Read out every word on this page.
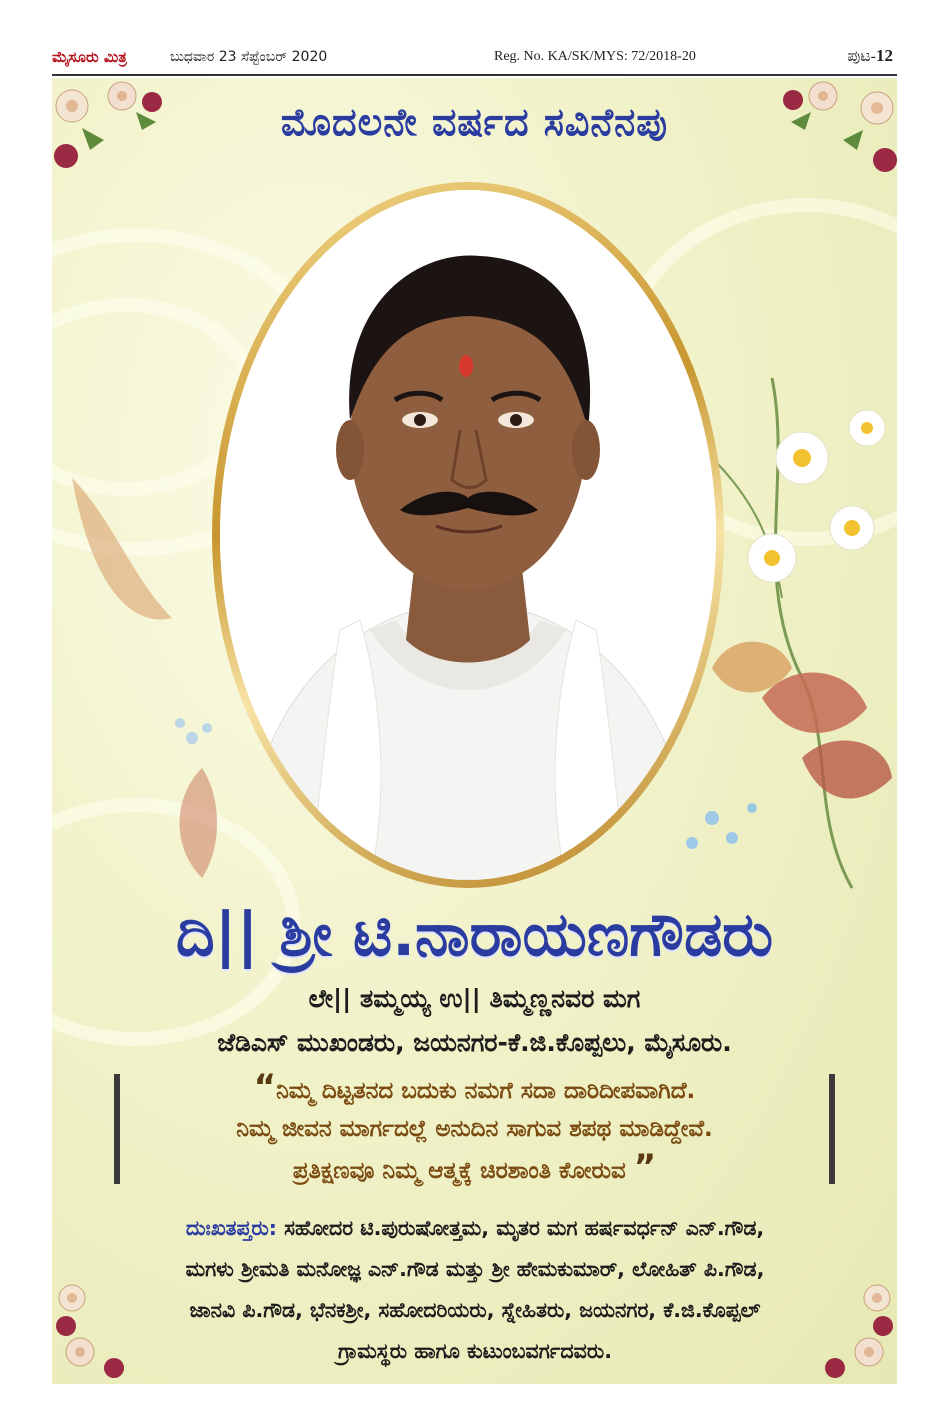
ಮೈಸೂರು ಮಿತ್ರ	ಬುಧವಾರ 23 ಸೆಪ್ಟೆಂಬರ್ 2020	Reg. No. KA/SK/MYS: 72/2018-20	ಪುಟ-12
ಮೊದಲನೇ ವರ್ಷದ ಸವಿನೆನಪು
ದಿ|| ಶ್ರೀ ಟಿ.ನಾರಾಯಣಗೌಡರು
ಲೇ|| ತಮ್ಮಯ್ಯ ಉ|| ತಿಮ್ಮಣ್ಣನವರ ಮಗ
ಜೆಡಿಎಸ್ ಮುಖಂಡರು, ಜಯನಗರ-ಕೆ.ಜಿ.ಕೊಪ್ಪಲು, ಮೈಸೂರು.
“ನಿಮ್ಮ ದಿಟ್ಟತನದ ಬದುಕು ನಮಗೆ ಸದಾ ದಾರಿದೀಪವಾಗಿದೆ.
ನಿಮ್ಮ ಜೀವನ ಮಾರ್ಗದಲ್ಲೆ ಅನುದಿನ ಸಾಗುವ ಶಪಥ ಮಾಡಿದ್ದೇವೆ.
ಪ್ರತಿಕ್ಷಣವೂ ನಿಮ್ಮ ಆತ್ಮಕ್ಕೆ ಚಿರಶಾಂತಿ ಕೋರುವ ”
ದುಃಖತಪ್ತರು: ಸಹೋದರ ಟಿ.ಪುರುಷೋತ್ತಮ, ಮೃತರ ಮಗ ಹರ್ಷವರ್ಧನ್ ಎನ್.ಗೌಡ,
ಮಗಳು ಶ್ರೀಮತಿ ಮನೋಜ್ಞ ಎನ್.ಗೌಡ ಮತ್ತು ಶ್ರೀ ಹೇಮಕುಮಾರ್, ಲೋಹಿತ್ ಪಿ.ಗೌಡ,
ಜಾನವಿ ಪಿ.ಗೌಡ, ಭೆನಕಶ್ರೀ, ಸಹೋದರಿಯರು, ಸ್ನೇಹಿತರು, ಜಯನಗರ, ಕೆ.ಜಿ.ಕೊಪ್ಪಲ್
ಗ್ರಾಮಸ್ಥರು ಹಾಗೂ ಕುಟುಂಬವರ್ಗದವರು.
